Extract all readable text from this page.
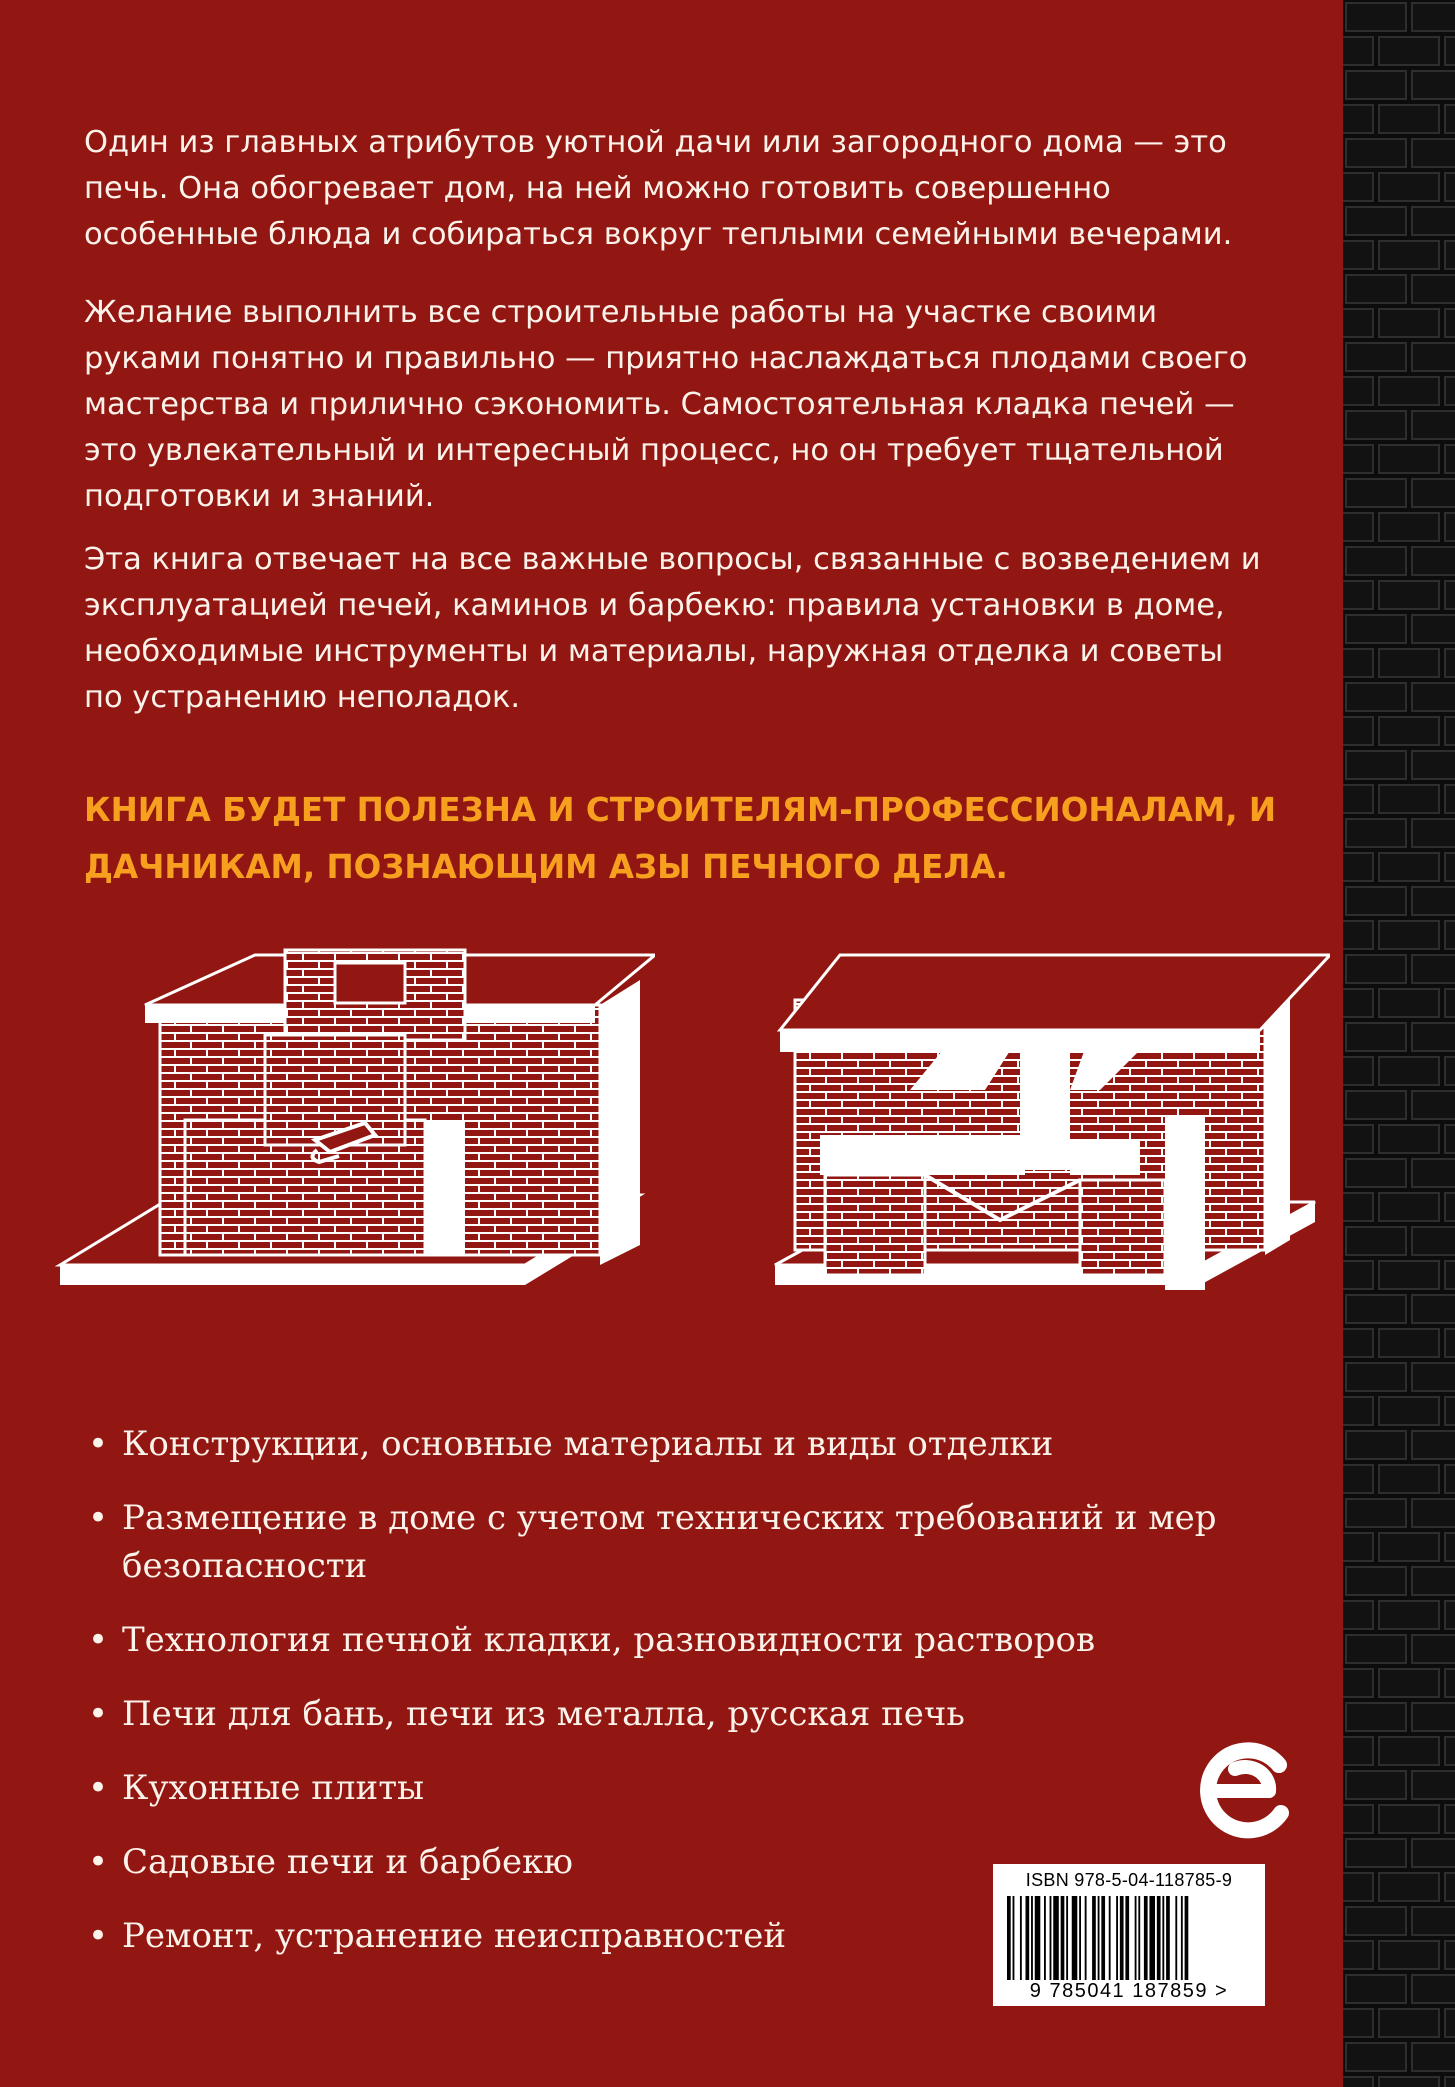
Один из главных атрибутов уютной дачи или загородного дома — это печь. Она обогревает дом, на ней можно готовить совершенно особенные блюда и собираться вокруг теплыми семейными вечерами.

Желание выполнить все строительные работы на участке своими руками понятно и правильно — приятно наслаждаться плодами своего мастерства и прилично сэкономить. Самостоятельная кладка печей — это увлекательный и интересный процесс, но он требует тщательной подготовки и знаний.

Эта книга отвечает на все важные вопросы, связанные с возведением и эксплуатацией печей, каминов и барбекю: правила установки в доме, необходимые инструменты и материалы, наружная отделка и советы по устранению неполадок.

КНИГА БУДЕТ ПОЛЕЗНА И СТРОИТЕЛЯМ-ПРОФЕССИОНАЛАМ, И ДАЧНИКАМ, ПОЗНАЮЩИМ АЗЫ ПЕЧНОГО ДЕЛА.

• Конструкции, основные материалы и виды отделки
• Размещение в доме с учетом технических требований и мер безопасности
• Технология печной кладки, разновидности растворов
• Печи для бань, печи из металла, русская печь
• Кухонные плиты
• Садовые печи и барбекю
• Ремонт, устранение неисправностей
ISBN 978-5-04-118785-9
9 785041 187859 >
